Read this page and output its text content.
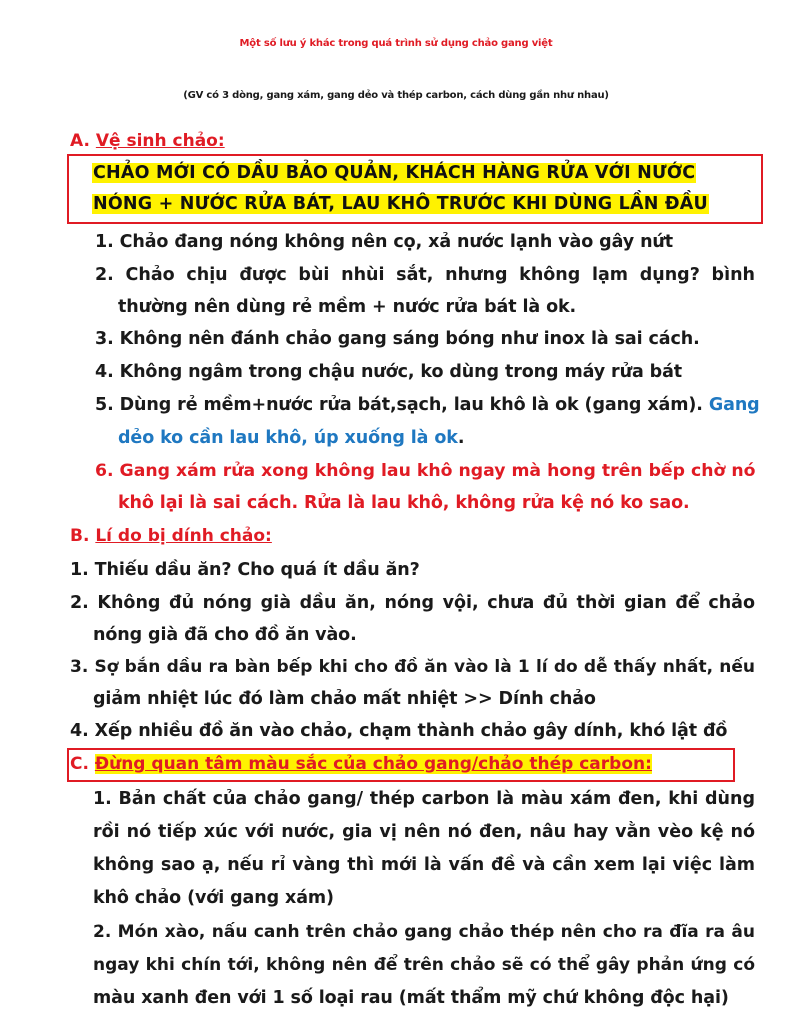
Một số lưu ý khác trong quá trình sử dụng chảo gang việt
(GV có 3 dòng, gang xám, gang dẻo và thép carbon, cách dùng gần như nhau)
A. Vệ sinh chảo:
CHẢO MỚI CÓ DẦU BẢO QUẢN, KHÁCH HÀNG RỬA VỚI NƯỚC
NÓNG + NƯỚC RỬA BÁT, LAU KHÔ TRƯỚC KHI DÙNG LẦN ĐẦU
1. Chảo đang nóng không nên cọ, xả nước lạnh vào gây nứt
2. Chảo chịu được bùi nhùi sắt, nhưng không lạm dụng? bình
thường nên dùng rẻ mềm + nước rửa bát là ok.
3. Không nên đánh chảo gang sáng bóng như inox là sai cách.
4. Không ngâm trong chậu nước, ko dùng trong máy rửa bát
5. Dùng rẻ mềm+nước rửa bát,sạch, lau khô là ok (gang xám). Gang
dẻo ko cần lau khô, úp xuống là ok.
6. Gang xám rửa xong không lau khô ngay mà hong trên bếp chờ nó
khô lại là sai cách. Rửa là lau khô, không rửa kệ nó ko sao.
B. Lí do bị dính chảo:
1. Thiếu dầu ăn? Cho quá ít dầu ăn?
2. Không đủ nóng già dầu ăn, nóng vội, chưa đủ thời gian để chảo
nóng già đã cho đồ ăn vào.
3. Sợ bắn dầu ra bàn bếp khi cho đồ ăn vào là 1 lí do dễ thấy nhất, nếu
giảm nhiệt lúc đó làm chảo mất nhiệt >> Dính chảo
4. Xếp nhiều đồ ăn vào chảo, chạm thành chảo gây dính, khó lật đồ
C. Đừng quan tâm màu sắc của chảo gang/chảo thép carbon:
1. Bản chất của chảo gang/ thép carbon là màu xám đen, khi dùng
rồi nó tiếp xúc với nước, gia vị nên nó đen, nâu hay vằn vèo kệ nó
không sao ạ, nếu rỉ vàng thì mới là vấn đề và cần xem lại việc làm
khô chảo (với gang xám)
2. Món xào, nấu canh trên chảo gang chảo thép nên cho ra đĩa ra âu
ngay khi chín tới, không nên để trên chảo sẽ có thể gây phản ứng có
màu xanh đen với 1 số loại rau (mất thẩm mỹ chứ không độc hại)
